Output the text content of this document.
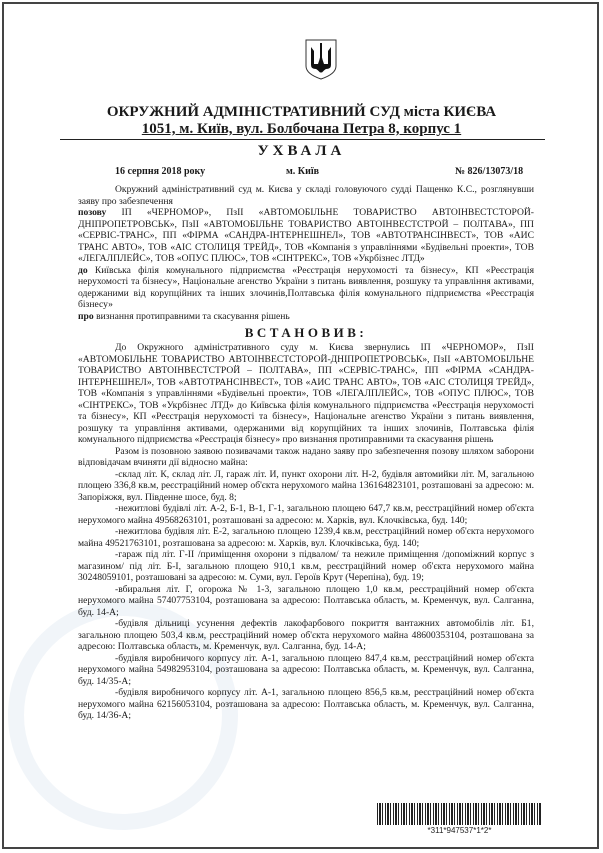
ОКРУЖНИЙ АДМІНІСТРАТИВНИЙ СУД міста КИЄВА
1051, м. Київ, вул. Болбочана Петра 8, корпус 1
УХВАЛА
16 серпня 2018 року	м. Київ	№ 826/13073/18

Окружний адміністративний суд м. Києва у складі головуючого судді Пащенко К.С., розглянувши заяву про забезпечення

позову ІП «ЧЕРНОМОР», ПзІІ «АВТОМОБІЛЬНЕ ТОВАРИСТВО АВТОІНВЕСТСТОРОЙ-ДНІПРОПЕТРОВСЬК», ПзІІ «АВТОМОБІЛЬНЕ ТОВАРИСТВО АВТОІНВЕСТСТРОЙ – ПОЛТАВА», ПП «СЕРВІС-ТРАНС», ПП «ФІРМА «САНДРА-ІНТЕРНЕШНЕЛ», ТОВ «АВТОТРАНСІНВЕСТ», ТОВ «АИС ТРАНС АВТО», ТОВ «АІС СТОЛИЦЯ ТРЕЙД», ТОВ «Компанія з управліннями «Будівельні проекти», ТОВ «ЛЕГАЛПЛЕЙС», ТОВ «ОПУС ПЛЮС», ТОВ «СІНТРЕКС», ТОВ «Укрбізнес ЛТД»

до Київська філія комунального підприємства «Реєстрація нерухомості та бізнесу», КП «Реєстрація нерухомості та бізнесу», Національне агенство України з питань виявлення, розшуку та управління активами, одержаними від корупційних та інших злочинів,Полтавська філія комунального підприємства «Реєстрація бізнесу»

про визнання протиправними та скасування рішень

ВСТАНОВИВ:

До Окружного адміністративного суду м. Києва звернулись ІП «ЧЕРНОМОР», ПзІІ «АВТОМОБІЛЬНЕ ТОВАРИСТВО АВТОІНВЕСТСТОРОЙ-ДНІПРОПЕТРОВСЬК», ПзІІ «АВТОМОБІЛЬНЕ ТОВАРИСТВО АВТОІНВЕСТСТРОЙ – ПОЛТАВА», ПП «СЕРВІС-ТРАНС», ПП «ФІРМА «САНДРА-ІНТЕРНЕШНЕЛ», ТОВ «АВТОТРАНСІНВЕСТ», ТОВ «АИС ТРАНС АВТО», ТОВ «АІС СТОЛИЦЯ ТРЕЙД», ТОВ «Компанія з управліннями «Будівельні проекти», ТОВ «ЛЕГАЛПЛЕЙС», ТОВ «ОПУС ПЛЮС», ТОВ «СІНТРЕКС», ТОВ «Укрбізнес ЛТД» до Київська філія комунального підприємства «Реєстрація нерухомості та бізнесу», КП «Реєстрація нерухомості та бізнесу», Національне агенство України з питань виявлення, розшуку та управління активами, одержаними від корупційних та інших злочинів, Полтавська філія комунального підприємства «Реєстрація бізнесу» про визнання протиправними та скасування рішень

Разом із позовною заявою позивачами також надано заяву про забезпечення позову шляхом заборони відповідачам вчиняти дії відносно майна:

-склад літ. К, склад літ. Л, гараж літ. И, пункт охорони літ. Н-2, будівля автомийки літ. М, загальною площею 336,8 кв.м, реєстраційний номер об'єкта нерухомого майна 136164823101, розташовані за адресою: м. Запоріжжя, вул. Південне шосе, буд. 8;

-нежитлові будівлі літ. А-2, Б-1, В-1, Г-1, загальною площею 647,7 кв.м, реєстраційний номер об'єкта нерухомого майна 49568263101, розташовані за адресою: м. Харків, вул. Клочківська, буд. 140;

-нежитлова будівля літ. Е-2, загальною площею 1239,4 кв.м, реєстраційний номер об'єкта нерухомого майна 49521763101, розташована за адресою: м. Харків, вул. Клочківська, буд. 140;

-гараж під літ. Г-ІІ /приміщення охорони з підвалом/ та нежиле приміщення /допоміжний корпус з магазином/ під літ. Б-І, загальною площею 910,1 кв.м, реєстраційний номер об'єкта нерухомого майна 30248059101, розташовані за адресою: м. Суми, вул. Героїв Крут (Черепіна), буд. 19;

-вбиральня літ. Г, огорожа № 1-3, загальною площею 1,0 кв.м, реєстраційний номер об'єкта нерухомого майна 57407753104, розташована за адресою: Полтавська область, м. Кременчук, вул. Салганна, буд. 14-А;

-будівля дільниці усунення дефектів лакофарбового покриття вантажних автомобілів літ. Б1, загальною площею 503,4 кв.м, реєстраційний номер об'єкта нерухомого майна 48600353104, розташована за адресою: Полтавська область, м. Кременчук, вул. Салганна, буд. 14-А;

-будівля виробничого корпусу літ. А-1, загальною площею 847,4 кв.м, реєстраційний номер об'єкта нерухомого майна 54982953104, розташована за адресою: Полтавська область, м. Кременчук, вул. Салганна, буд. 14/35-А;

-будівля виробничого корпусу літ. А-1, загальною площею 856,5 кв.м, реєстраційний номер об'єкта нерухомого майна 62156053104, розташована за адресою: Полтавська область, м. Кременчук, вул. Салганна, буд. 14/36-А;

*311*947537*1*2*
